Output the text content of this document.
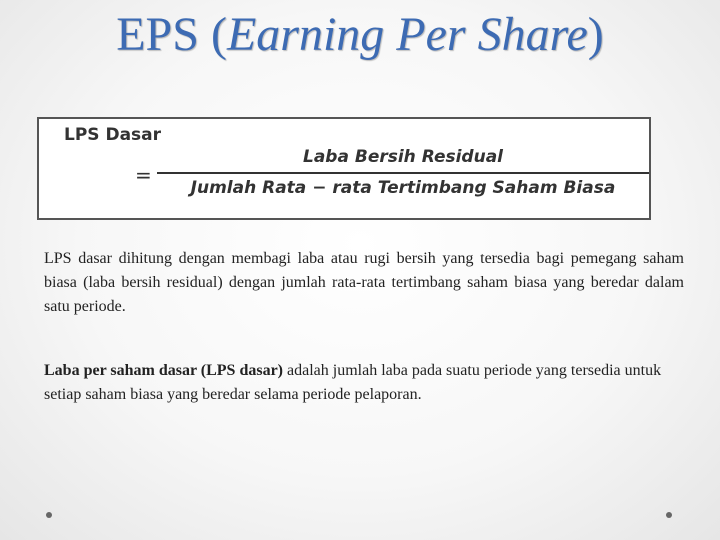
EPS (Earning Per Share)
LPS Dasar
=
Laba Bersih Residual
Jumlah Rata − rata Tertimbang Saham Biasa
LPS dasar dihitung dengan membagi laba atau rugi bersih yang tersedia bagi pemegang saham biasa (laba bersih residual) dengan jumlah rata-rata tertimbang saham biasa yang beredar dalam satu periode.
Laba per saham dasar (LPS dasar) adalah jumlah laba pada suatu periode yang tersedia untuk setiap saham biasa yang beredar selama periode pelaporan.
